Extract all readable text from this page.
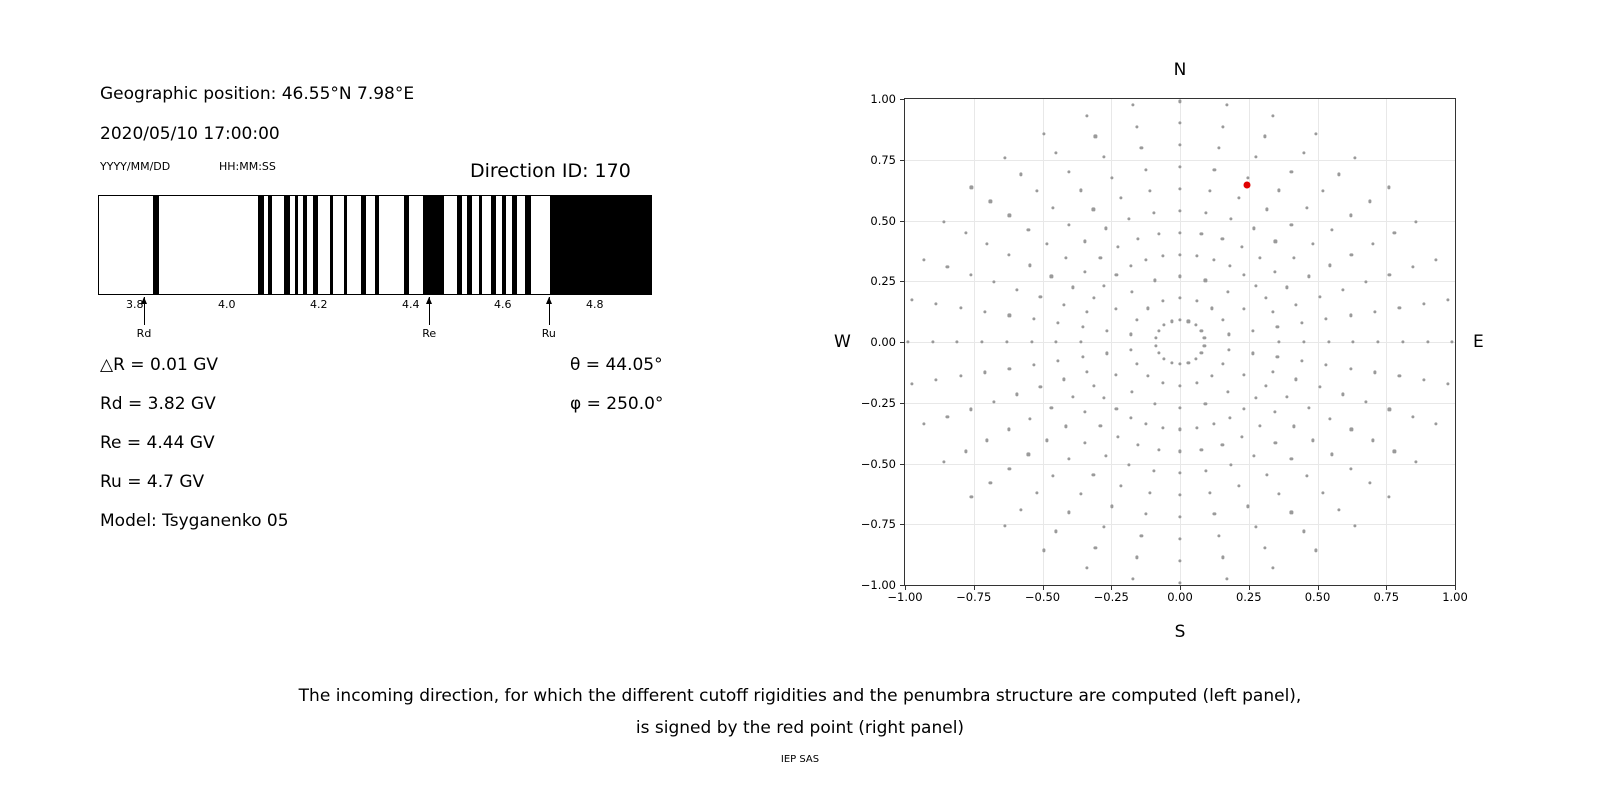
Geographic position: 46.55°N 7.98°E
2020/05/10 17:00:00
YYYY/MM/DD	HH:MM:SS	Direction ID: 170
3.8	4.0	4.2	4.4	4.6	4.8
Rd	Re	Ru
△R = 0.01 GV
Rd = 3.82 GV
Re = 4.44 GV
Ru = 4.7 GV
Model: Tsyganenko 05
θ = 44.05°
φ = 250.0°
N
S
W	E
−1.00	−0.75	−0.50	−0.25	0.00	0.25	0.50	0.75	1.00
−1.00
−0.75
−0.50
−0.25
0.00
0.25
0.50
0.75
1.00
The incoming direction, for which the different cutoff rigidities and the penumbra structure are computed (left panel),
is signed by the red point (right panel)
IEP SAS
